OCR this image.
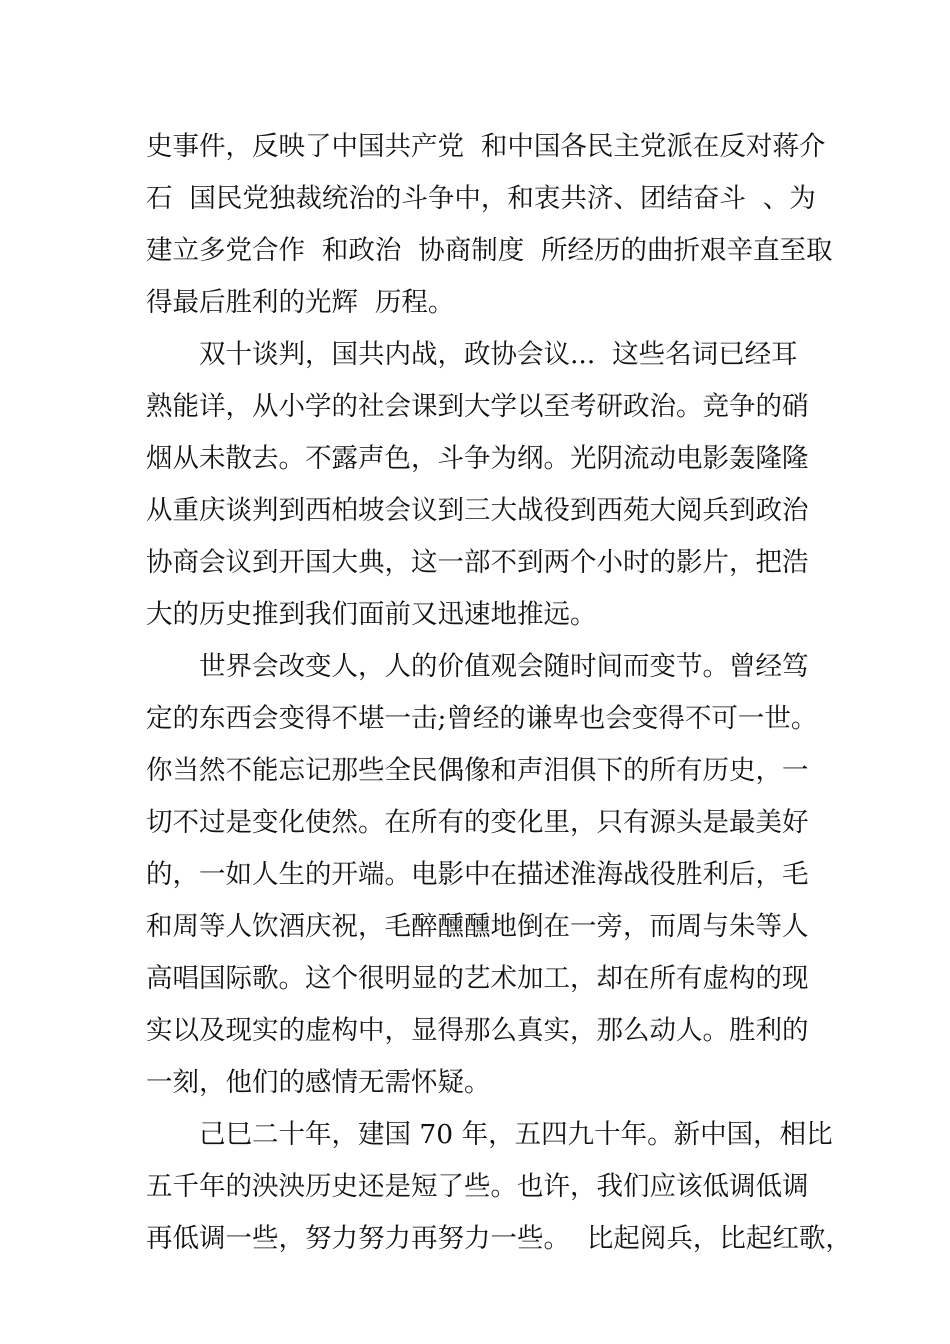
史事件，反映了中国共产党  和中国各民主党派在反对蒋介
石  国民党独裁统治的斗争中，和衷共济、团结奋斗  、为
建立多党合作  和政治  协商制度  所经历的曲折艰辛直至取
得最后胜利的光辉  历程。
双十谈判，国共内战，政协会议...  这些名词已经耳
熟能详，从小学的社会课到大学以至考研政治。竞争的硝
烟从未散去。不露声色，斗争为纲。光阴流动电影轰隆隆
从重庆谈判到西柏坡会议到三大战役到西苑大阅兵到政治
协商会议到开国大典，这一部不到两个小时的影片，把浩
大的历史推到我们面前又迅速地推远。
世界会改变人，人的价值观会随时间而变节。曾经笃
定的东西会变得不堪一击;曾经的谦卑也会变得不可一世。
你当然不能忘记那些全民偶像和声泪俱下的所有历史，一
切不过是变化使然。在所有的变化里，只有源头是最美好
的，一如人生的开端。电影中在描述淮海战役胜利后，毛
和周等人饮酒庆祝，毛醉醺醺地倒在一旁，而周与朱等人
高唱国际歌。这个很明显的艺术加工，却在所有虚构的现
实以及现实的虚构中，显得那么真实，那么动人。胜利的
一刻，他们的感情无需怀疑。
己巳二十年，建国 70 年，五四九十年。新中国，相比
五千年的泱泱历史还是短了些。也许，我们应该低调低调
再低调一些，努力努力再努力一些。  比起阅兵，比起红歌，
